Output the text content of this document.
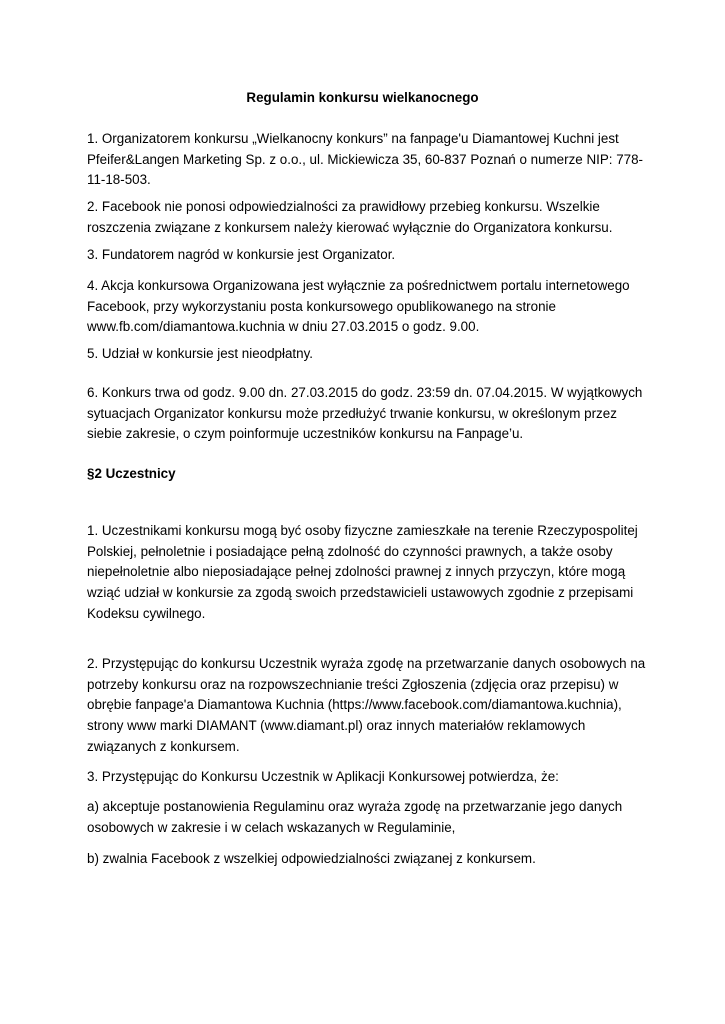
Regulamin konkursu wielkanocnego

1. Organizatorem konkursu „Wielkanocny konkurs” na fanpage'u Diamantowej Kuchni jest
Pfeifer&Langen Marketing Sp. z o.o., ul. Mickiewicza 35, 60-837 Poznań o numerze NIP: 778-
11-18-503.

2. Facebook nie ponosi odpowiedzialności za prawidłowy przebieg konkursu. Wszelkie
roszczenia związane z konkursem należy kierować wyłącznie do Organizatora konkursu.

3. Fundatorem nagród w konkursie jest Organizator.

4. Akcja konkursowa Organizowana jest wyłącznie za pośrednictwem portalu internetowego
Facebook, przy wykorzystaniu posta konkursowego opublikowanego na stronie
www.fb.com/diamantowa.kuchnia w dniu 27.03.2015 o godz. 9.00.

5. Udział w konkursie jest nieodpłatny.

6. Konkurs trwa od godz. 9.00 dn. 27.03.2015 do godz. 23:59 dn. 07.04.2015. W wyjątkowych
sytuacjach Organizator konkursu może przedłużyć trwanie konkursu, w określonym przez
siebie zakresie, o czym poinformuje uczestników konkursu na Fanpage’u.

§2 Uczestnicy

1. Uczestnikami konkursu mogą być osoby fizyczne zamieszkałe na terenie Rzeczypospolitej
Polskiej, pełnoletnie i posiadające pełną zdolność do czynności prawnych, a także osoby
niepełnoletnie albo nieposiadające pełnej zdolności prawnej z innych przyczyn, które mogą
wziąć udział w konkursie za zgodą swoich przedstawicieli ustawowych zgodnie z przepisami
Kodeksu cywilnego.

2. Przystępując do konkursu Uczestnik wyraża zgodę na przetwarzanie danych osobowych na
potrzeby konkursu oraz na rozpowszechnianie treści Zgłoszenia (zdjęcia oraz przepisu) w
obrębie fanpage'a Diamantowa Kuchnia (https://www.facebook.com/diamantowa.kuchnia),
strony www marki DIAMANT (www.diamant.pl) oraz innych materiałów reklamowych
związanych z konkursem.

3. Przystępując do Konkursu Uczestnik w Aplikacji Konkursowej potwierdza, że:

a) akceptuje postanowienia Regulaminu oraz wyraża zgodę na przetwarzanie jego danych
osobowych w zakresie i w celach wskazanych w Regulaminie,

b) zwalnia Facebook z wszelkiej odpowiedzialności związanej z konkursem.
